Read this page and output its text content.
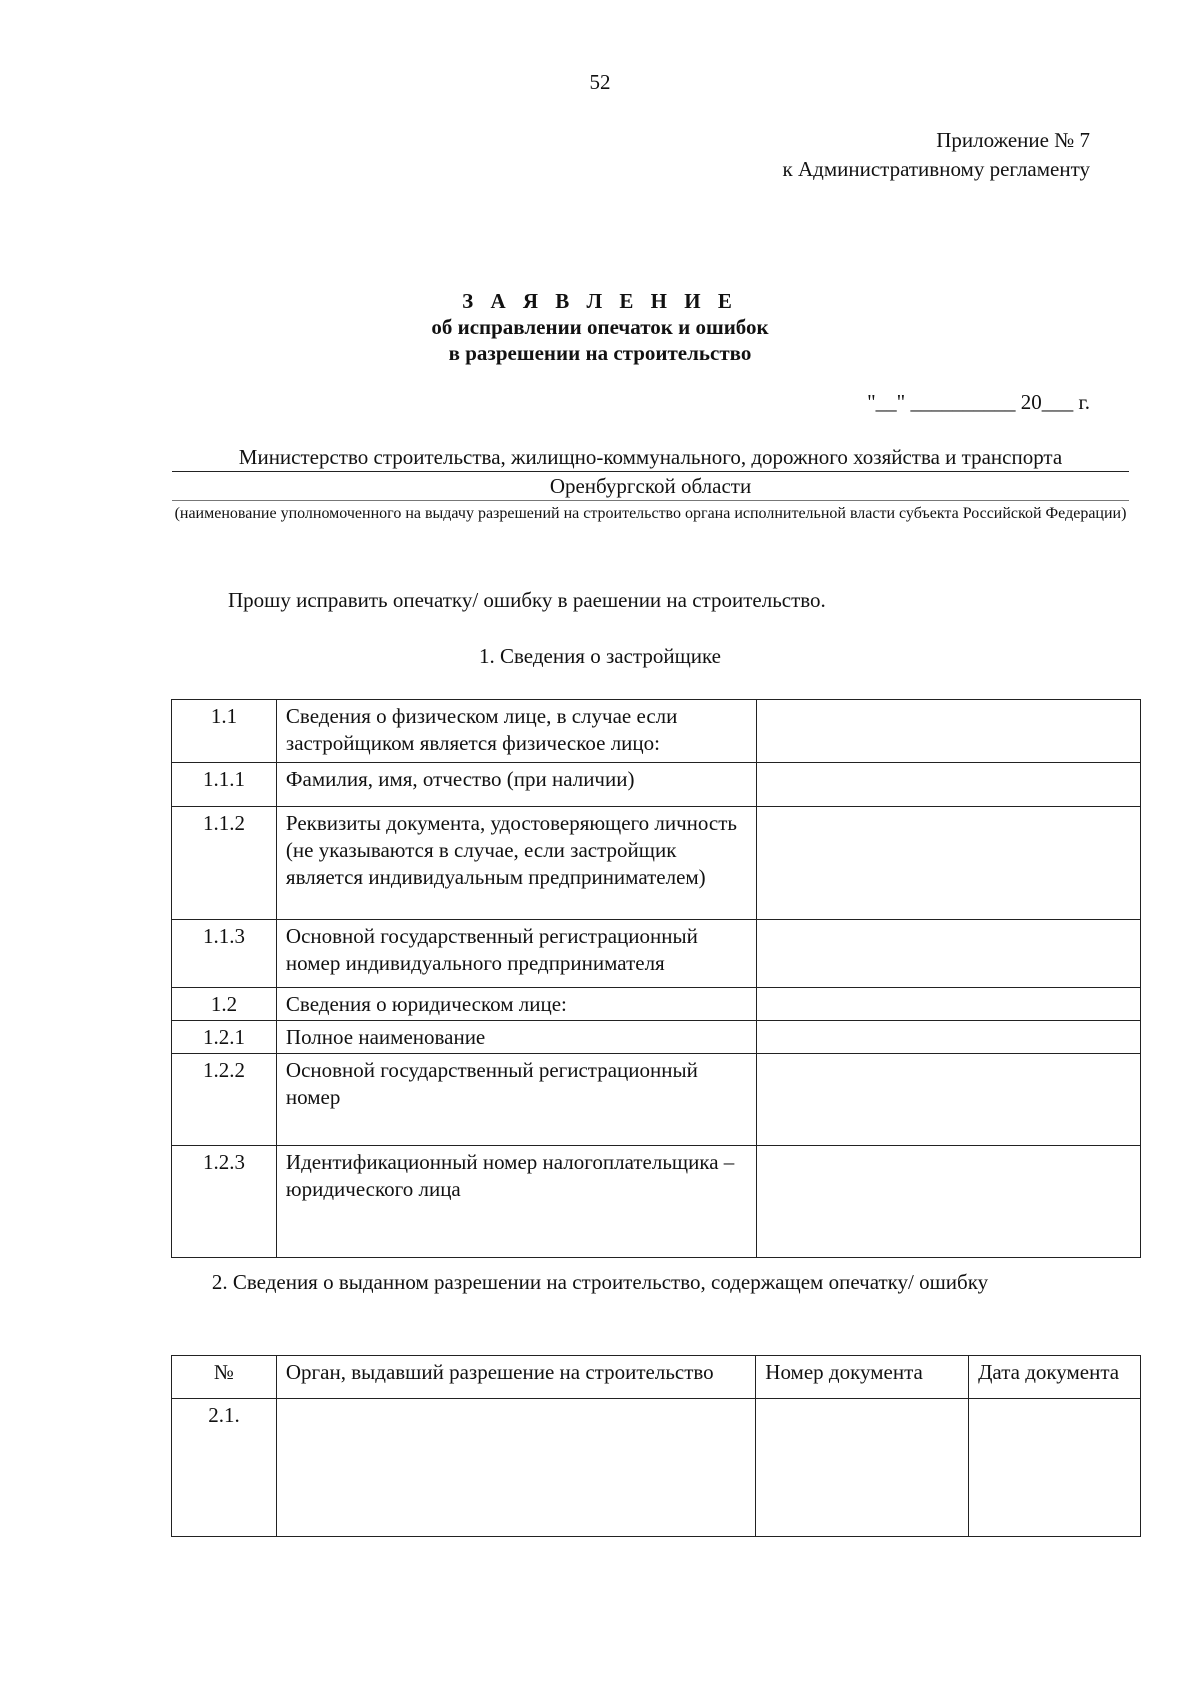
52
Приложение № 7
к Административному регламенту
З А Я В Л Е Н И Е
об исправлении опечаток и ошибок
в разрешении на строительство
"__" __________ 20___ г.
Министерство строительства, жилищно-коммунального, дорожного хозяйства и транспорта
Оренбургской области
(наименование уполномоченного на выдачу разрешений на строительство органа исполнительной власти субъекта Российской Федерации)
Прошу исправить опечатку/ ошибку в раешении на строительство.
1. Сведения о застройщике
1.1	Сведения о физическом лице, в случае если застройщиком является физическое лицо:	
1.1.1	Фамилия, имя, отчество (при наличии)	
1.1.2	Реквизиты документа, удостоверяющего личность (не указываются в случае, если застройщик является индивидуальным предпринимателем)	
1.1.3	Основной государственный регистрационный номер индивидуального предпринимателя	
1.2	Сведения о юридическом лице:	
1.2.1	Полное наименование	
1.2.2	Основной государственный регистрационный номер	
1.2.3	Идентификационный номер налогоплательщика – юридического лица	
2. Сведения о выданном разрешении на строительство, содержащем опечатку/ ошибку
№	Орган, выдавший разрешение на строительство	Номер документа	Дата документа
2.1.			
